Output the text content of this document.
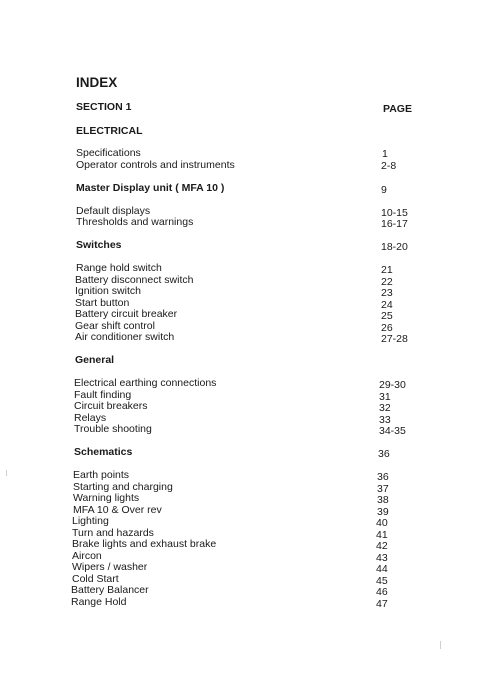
INDEX
SECTION 1	PAGE
ELECTRICAL
Specifications	1
Operator controls and instruments	2-8
Master Display unit ( MFA 10 )	9
Default displays	10-15
Thresholds and warnings	16-17
Switches	18-20
Range hold switch	21
Battery disconnect switch	22
Ignition switch	23
Start button	24
Battery circuit breaker	25
Gear shift control	26
Air conditioner switch	27-28
General
Electrical earthing connections	29-30
Fault finding	31
Circuit breakers	32
Relays	33
Trouble shooting	34-35
Schematics	36
Earth points	36
Starting and charging	37
Warning lights	38
MFA 10 & Over rev	39
Lighting	40
Turn and hazards	41
Brake lights and exhaust brake	42
Aircon	43
Wipers / washer	44
Cold Start	45
Battery Balancer	46
Range Hold	47
